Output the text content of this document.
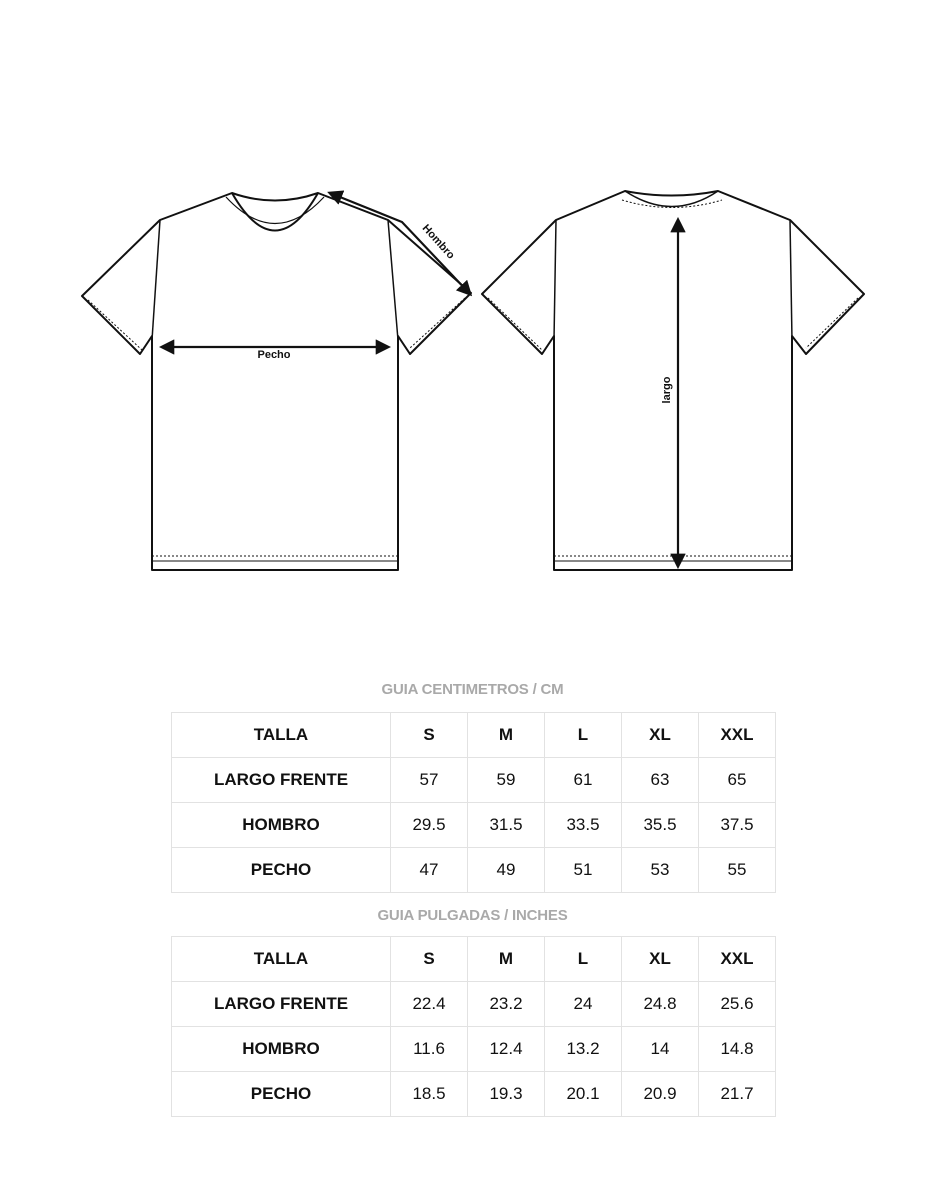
Pecho
Hombro
largo
GUIA CENTIMETROS / CM
TALLA	S	M	L	XL	XXL
LARGO FRENTE	57	59	61	63	65
HOMBRO	29.5	31.5	33.5	35.5	37.5
PECHO	47	49	51	53	55
GUIA PULGADAS / INCHES
TALLA	S	M	L	XL	XXL
LARGO FRENTE	22.4	23.2	24	24.8	25.6
HOMBRO	11.6	12.4	13.2	14	14.8
PECHO	18.5	19.3	20.1	20.9	21.7
